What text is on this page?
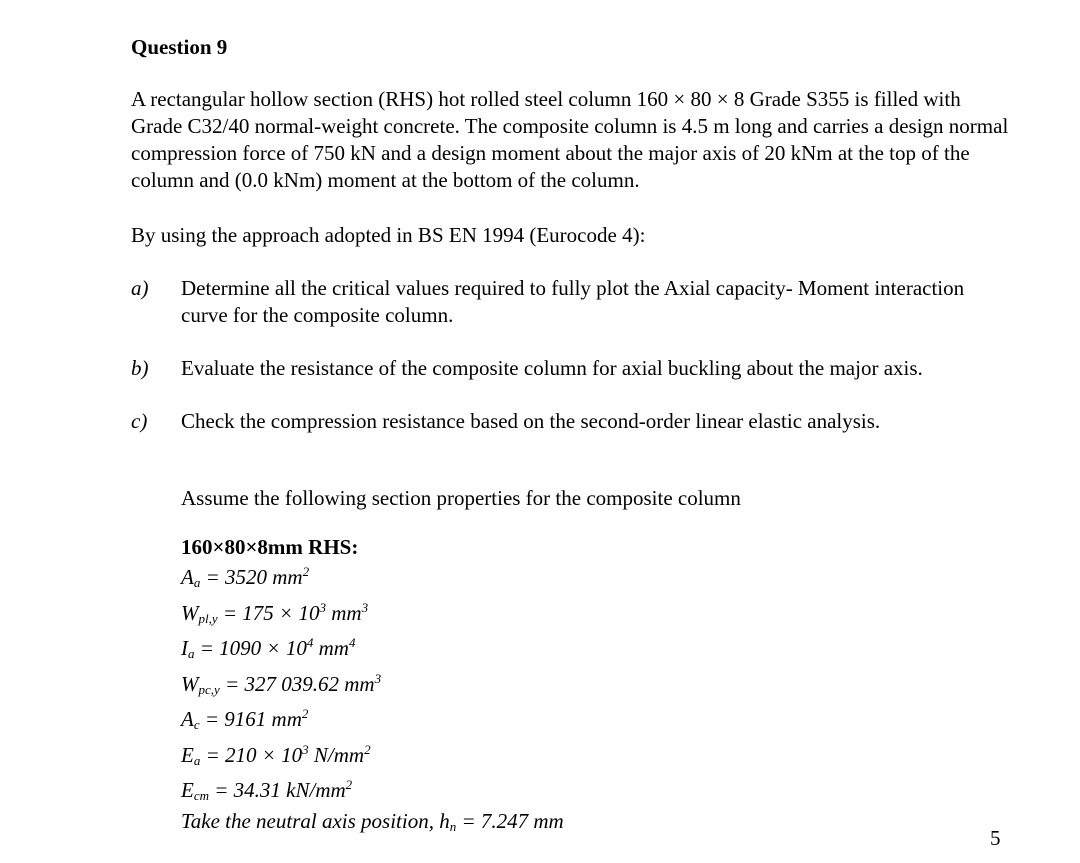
Question 9
A rectangular hollow section (RHS) hot rolled steel column 160 × 80 × 8 Grade S355 is filled with Grade C32/40 normal-weight concrete. The composite column is 4.5 m long and carries a design normal compression force of 750 kN and a design moment about the major axis of 20 kNm at the top of the column and (0.0 kNm) moment at the bottom of the column.
By using the approach adopted in BS EN 1994 (Eurocode 4):
a) Determine all the critical values required to fully plot the Axial capacity- Moment interaction curve for the composite column.
b) Evaluate the resistance of the composite column for axial buckling about the major axis.
c) Check the compression resistance based on the second-order linear elastic analysis.
Assume the following section properties for the composite column
160×80×8mm RHS:
$A_a = 3520$ $mm^2$
$W_{pl,y} = 175 \times 10^3$ $mm^3$
$I_a = 1090 \times 10^4$ $mm^4$
$W_{pc,y} = 327$ 039.62 $mm^3$
$A_c = 9161$ $mm^2$
$E_a = 210 \times 10^3$ $N/mm^2$
$E_{cm} = 34.31$ $kN/mm^2$
Take the neutral axis position, $h_n = 7.247$ mm
5
